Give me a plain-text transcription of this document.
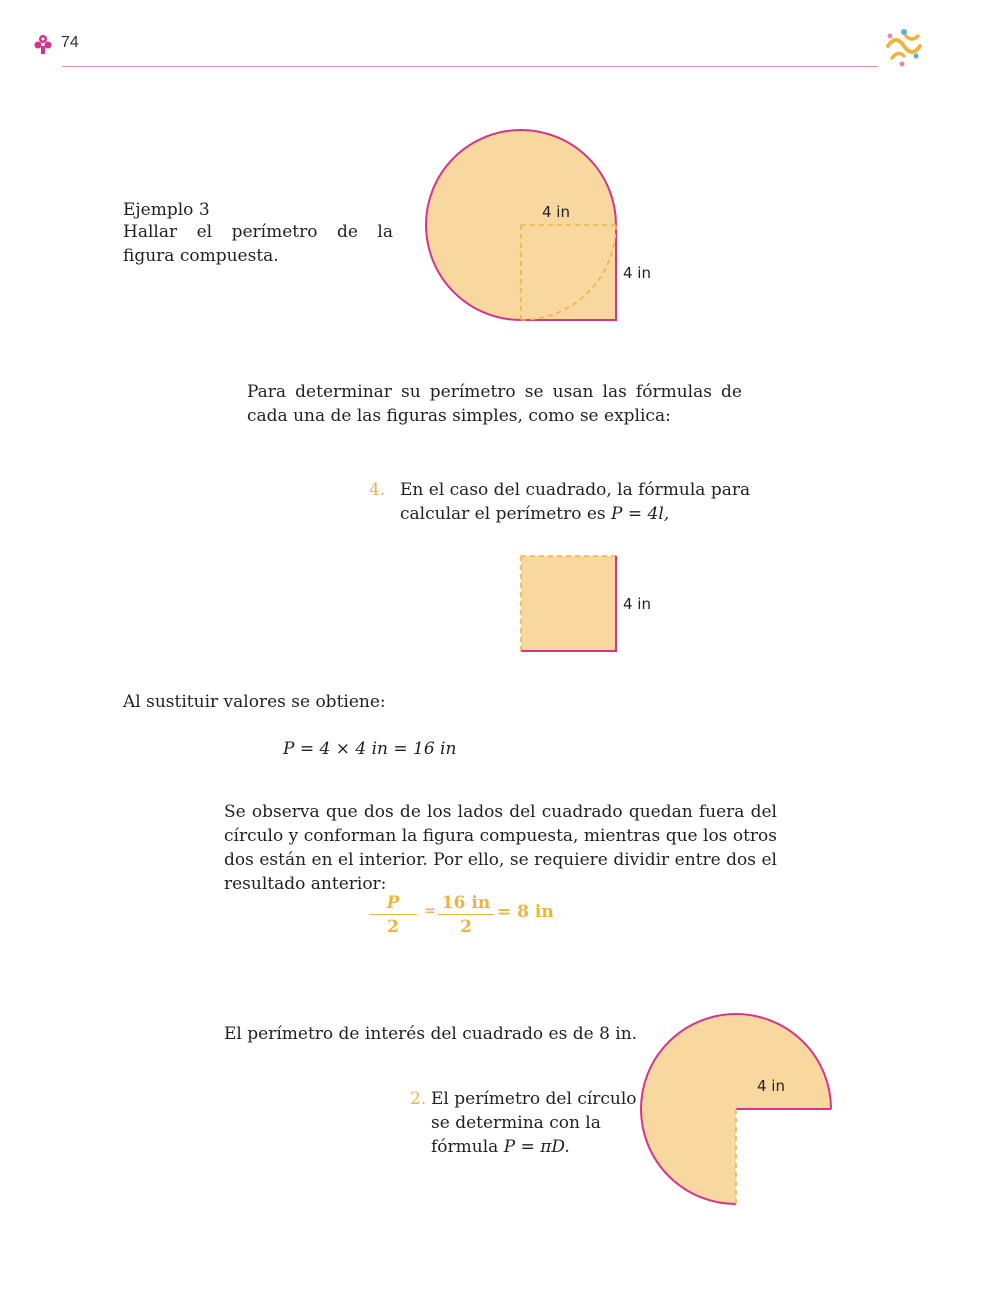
74
Ejemplo 3
Hallar el perímetro de la figura compuesta.
4 in
4 in
Para determinar su perímetro se usan las fórmulas de cada una de las figuras simples, como se explica:
4. En el caso del cuadrado, la fórmula para calcular el perímetro es P = 4l,
4 in
Al sustituir valores se obtiene:
P = 4 × 4 in = 16 in
Se observa que dos de los lados del cuadrado quedan fuera del círculo y conforman la figura compuesta, mientras que los otros dos están en el interior. Por ello, se requiere dividir entre dos el resultado anterior:
$\frac{P}{2} = \frac{16 in}{2} = 8$ in
El perímetro de interés del cuadrado es de 8 in.
2. El perímetro del círculo
se determina con la
fórmula P = πD.
4 in
